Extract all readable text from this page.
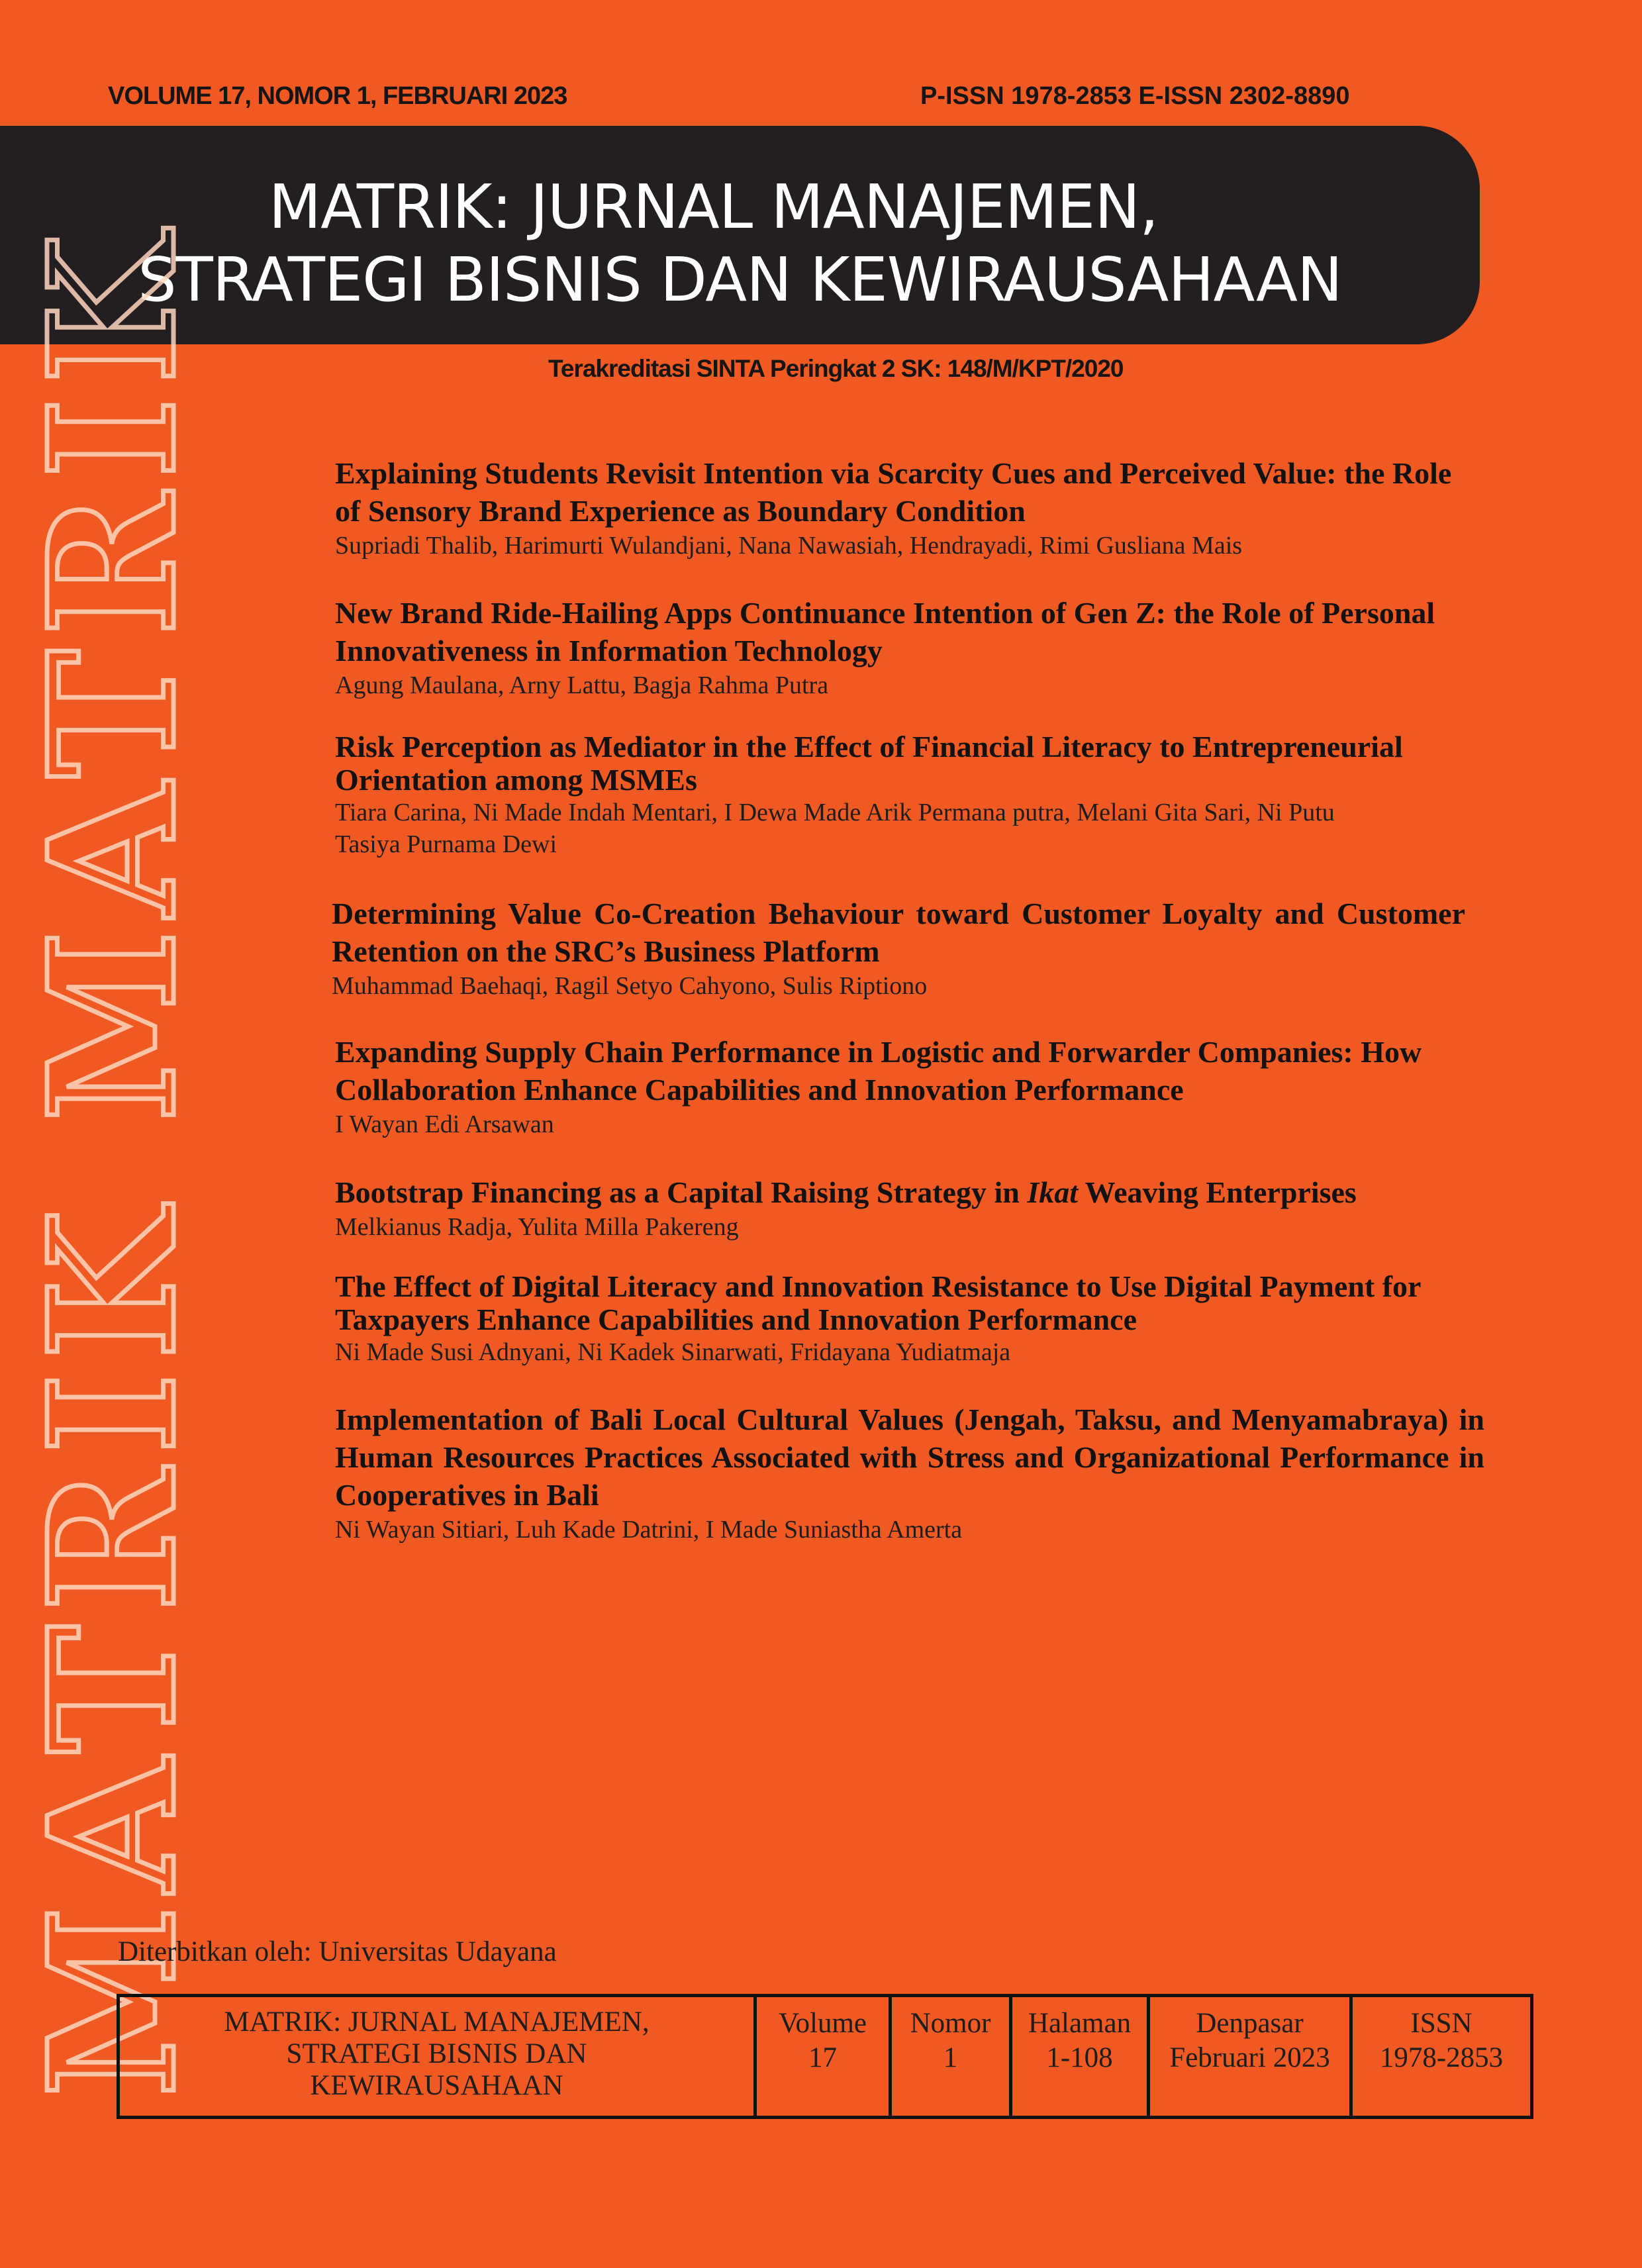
VOLUME 17, NOMOR 1, FEBRUARI 2023	P-ISSN 1978-2853 E-ISSN 2302-8890
MATRIK: JURNAL MANAJEMEN,
STRATEGI BISNIS DAN KEWIRAUSAHAAN
Terakreditasi SINTA Peringkat 2 SK: 148/M/KPT/2020
MATRIK MATRIK	Explaining Students Revisit Intention via Scarcity Cues and Perceived Value: the Role of Sensory Brand Experience as Boundary Condition

Supriadi Thalib, Harimurti Wulandjani, Nana Nawasiah, Hendrayadi, Rimi Gusliana Mais

New Brand Ride-Hailing Apps Continuance Intention of Gen Z: the Role of Personal Innovativeness in Information Technology

Agung Maulana, Arny Lattu, Bagja Rahma Putra

Risk Perception as Mediator in the Effect of Financial Literacy to Entrepreneurial Orientation among MSMEs

Tiara Carina, Ni Made Indah Mentari, I Dewa Made Arik Permana putra, Melani Gita Sari, Ni Putu Tasiya Purnama Dewi

Determining Value Co-Creation Behaviour toward Customer Loyalty and Customer Retention on the SRC’s Business Platform

Muhammad Baehaqi, Ragil Setyo Cahyono, Sulis Riptiono

Expanding Supply Chain Performance in Logistic and Forwarder Companies: How Collaboration Enhance Capabilities and Innovation Performance

I Wayan Edi Arsawan

Bootstrap Financing as a Capital Raising Strategy in Ikat Weaving Enterprises

Melkianus Radja, Yulita Milla Pakereng

The Effect of Digital Literacy and Innovation Resistance to Use Digital Payment for Taxpayers Enhance Capabilities and Innovation Performance

Ni Made Susi Adnyani, Ni Kadek Sinarwati, Fridayana Yudiatmaja

Implementation of Bali Local Cultural Values (Jengah, Taksu, and Menyamabraya) in Human Resources Practices Associated with Stress and Organizational Performance in Cooperatives in Bali

Ni Wayan Sitiari, Luh Kade Datrini, I Made Suniastha Amerta

Diterbitkan oleh: Universitas Udayana
MATRIK: JURNAL MANAJEMEN,
STRATEGI BISNIS DAN
KEWIRAUSAHAAN
Volume
17
Nomor
1
Halaman
1-108
Denpasar
Februari 2023
ISSN
1978-2853
